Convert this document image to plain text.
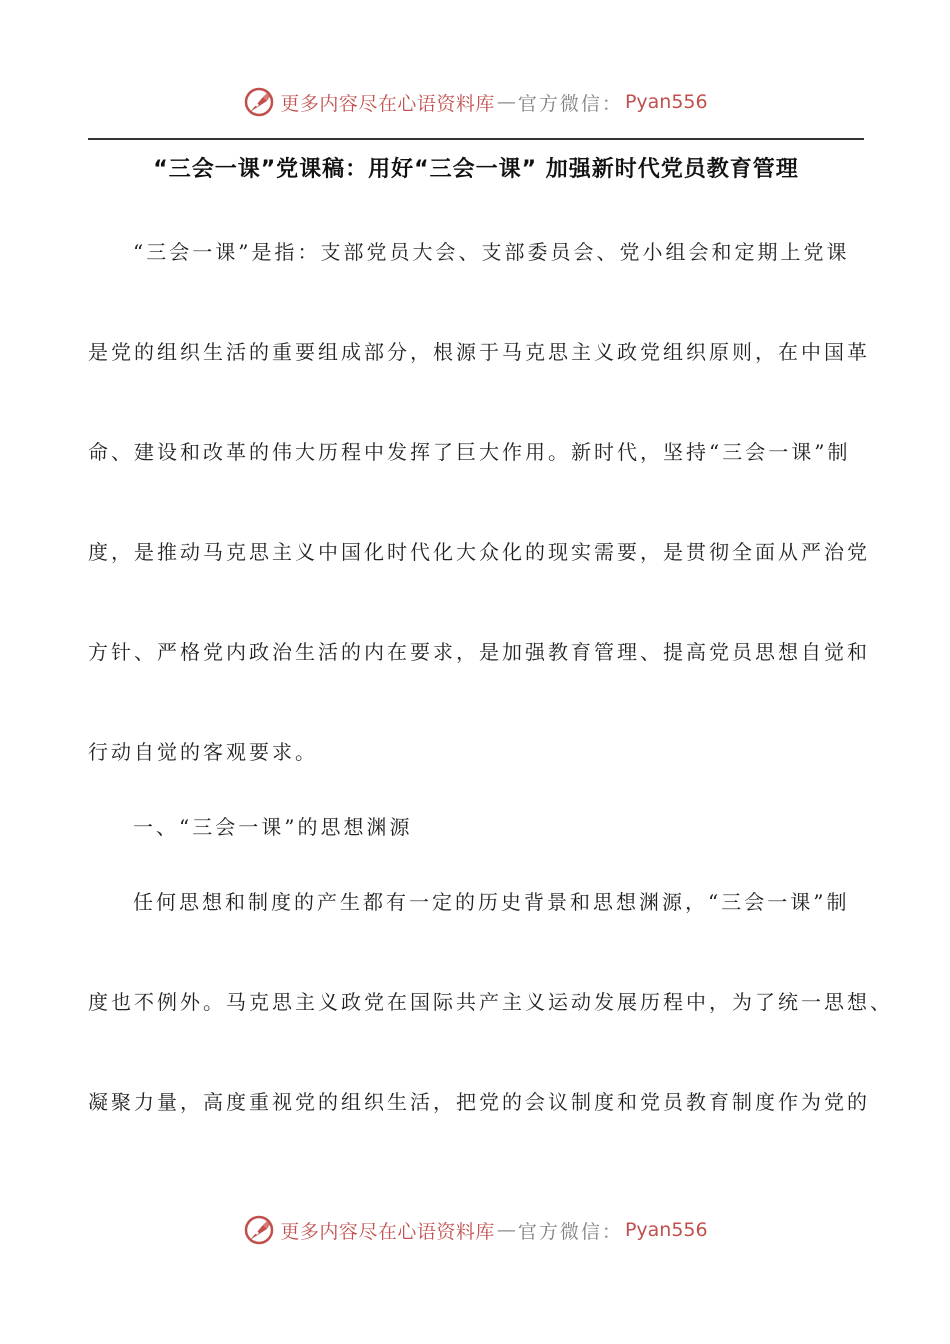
更多内容尽在心语资料库 — 官方微信： Pyan556
“三会一课”党课稿：用好“三会一课” 加强新时代党员教育管理
“三会一课”是指：支部党员大会、支部委员会、党小组会和定期上党课
是党的组织生活的重要组成部分，根源于马克思主义政党组织原则，在中国革
命、建设和改革的伟大历程中发挥了巨大作用。新时代，坚持“三会一课”制
度，是推动马克思主义中国化时代化大众化的现实需要，是贯彻全面从严治党
方针、严格党内政治生活的内在要求，是加强教育管理、提高党员思想自觉和
行动自觉的客观要求。
一、“三会一课”的思想渊源
任何思想和制度的产生都有一定的历史背景和思想渊源，“三会一课”制
度也不例外。马克思主义政党在国际共产主义运动发展历程中，为了统一思想、
凝聚力量，高度重视党的组织生活，把党的会议制度和党员教育制度作为党的
更多内容尽在心语资料库 — 官方微信： Pyan556
